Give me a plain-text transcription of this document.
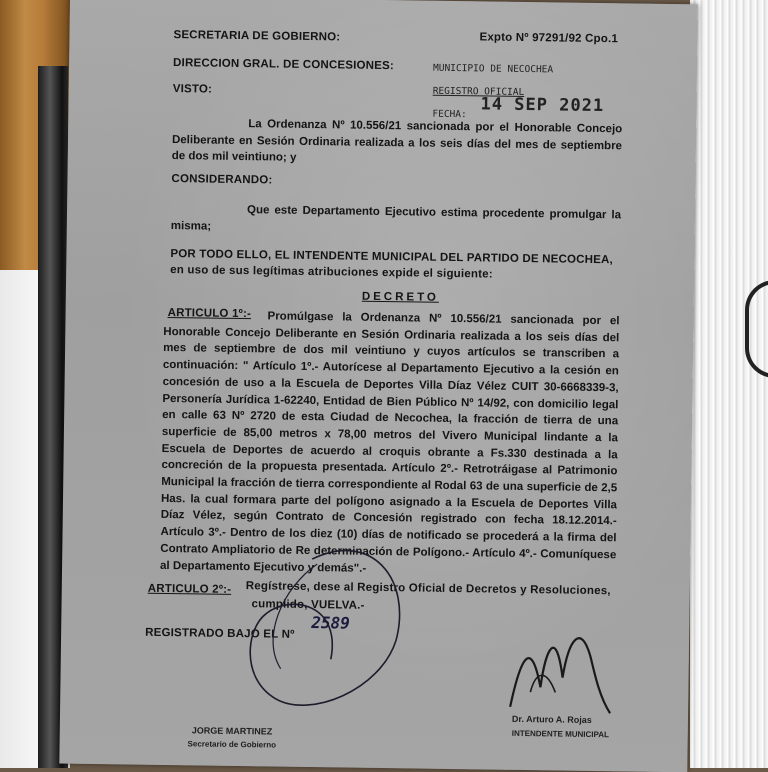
Expto Nº 97291/92 Cpo.1
SECRETARIA DE GOBIERNO:
DIRECCION GRAL. DE CONCESIONES:
VISTO:
MUNICIPIO DE NECOCHEA
REGISTRO OFICIAL
FECHA: 14 SEP 2021
La Ordenanza Nº 10.556/21 sancionada por el Honorable Concejo Deliberante en Sesión Ordinaria realizada a los seis días del mes de septiembre de dos mil veintiuno; y
CONSIDERANDO:
Que este Departamento Ejecutivo estima procedente promulgar la misma;
POR TODO ELLO, EL INTENDENTE MUNICIPAL DEL PARTIDO DE NECOCHEA,
en uso de sus legítimas atribuciones expide el siguiente:
DECRETO
ARTICULO 1º:-	Promúlgase la Ordenanza Nº 10.556/21 sancionada por el Honorable Concejo Deliberante en Sesión Ordinaria realizada a los seis días del mes de septiembre de dos mil veintiuno y cuyos artículos se transcriben a continuación: " Artículo 1º.- Autorícese al Departamento Ejecutivo a la cesión en concesión de uso a la Escuela de Deportes Villa Díaz Vélez CUIT 30-6668339-3, Personería Jurídica 1-62240, Entidad de Bien Público Nº 14/92, con domicilio legal en calle 63 Nº 2720 de esta Ciudad de Necochea, la fracción de tierra de una superficie de 85,00 metros x 78,00 metros del Vivero Municipal lindante a la Escuela de Deportes de acuerdo al croquis obrante a Fs.330 destinada a la concreción de la propuesta presentada. Artículo 2º.- Retrotráigase al Patrimonio Municipal la fracción de tierra correspondiente al Rodal 63 de una superficie de 2,5 Has. la cual formara parte del polígono asignado a la Escuela de Deportes Villa Díaz Vélez, según Contrato de Concesión registrado con fecha 18.12.2014.- Artículo 3º.- Dentro de los diez (10) días de notificado se procederá a la firma del Contrato Ampliatorio de Re determinación de Polígono.- Artículo 4º.- Comuníquese al Departamento Ejecutivo y demás".-
ARTICULO 2º:- Regístrese, dese al Registro Oficial de Decretos y Resoluciones,
cumplido, VUELVA.-
REGISTRADO BAJO EL Nº
2589
JORGE MARTINEZ
Secretario de Gobierno
Dr. Arturo A. Rojas
INTENDENTE MUNICIPAL
